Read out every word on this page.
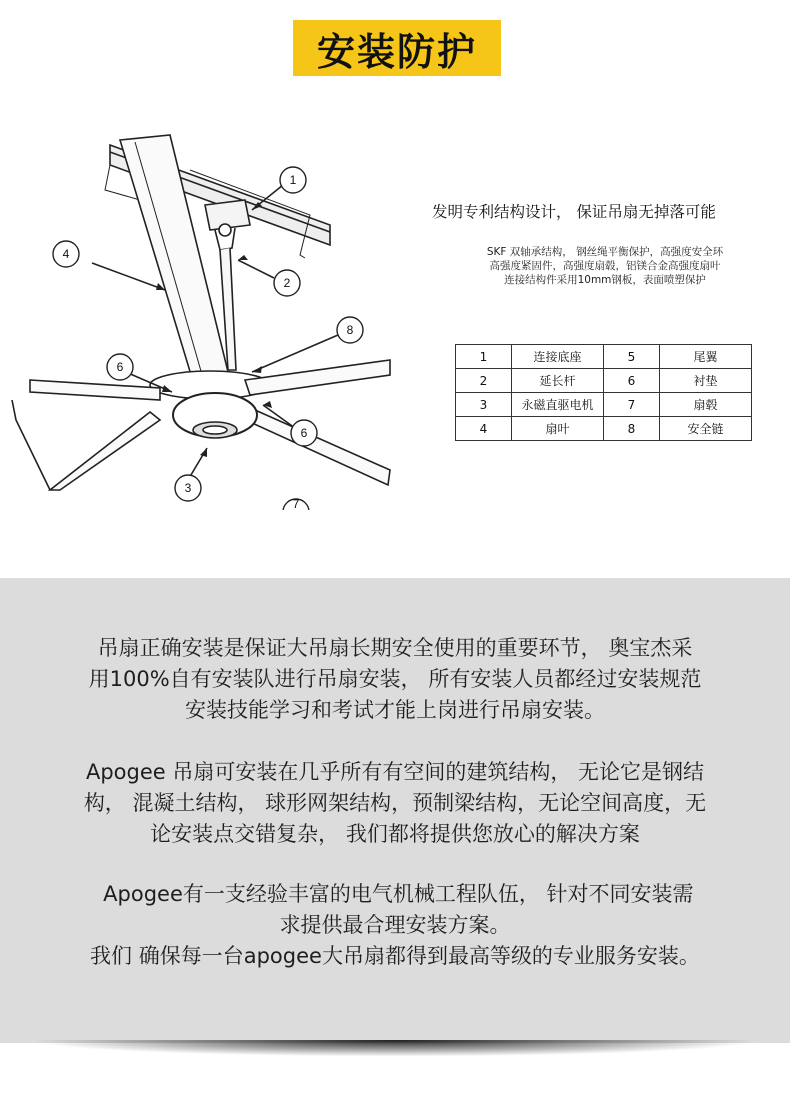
安装防护
1
2
3
4
6
6
8
7
发明专利结构设计， 保证吊扇无掉落可能
SKF 双轴承结构， 钢丝绳平衡保护，高强度安全环
高强度紧固件，高强度扇毂，铝镁合金高强度扇叶
连接结构件采用10mm钢板，表面喷塑保护
1	连接底座	5	尾翼
2	延长杆	6	衬垫
3	永磁直驱电机	7	扇毂
4	扇叶	8	安全链
吊扇正确安装是保证大吊扇长期安全使用的重要环节， 奥宝杰采
用100%自有安装队进行吊扇安装， 所有安装人员都经过安装规范
安装技能学习和考试才能上岗进行吊扇安装。
Apogee 吊扇可安装在几乎所有有空间的建筑结构， 无论它是钢结
构， 混凝土结构， 球形网架结构，预制梁结构，无论空间高度，无
论安装点交错复杂， 我们都将提供您放心的解决方案
Apogee有一支经验丰富的电气机械工程队伍， 针对不同安装需
求提供最合理安装方案。
我们 确保每一台apogee大吊扇都得到最高等级的专业服务安装。
